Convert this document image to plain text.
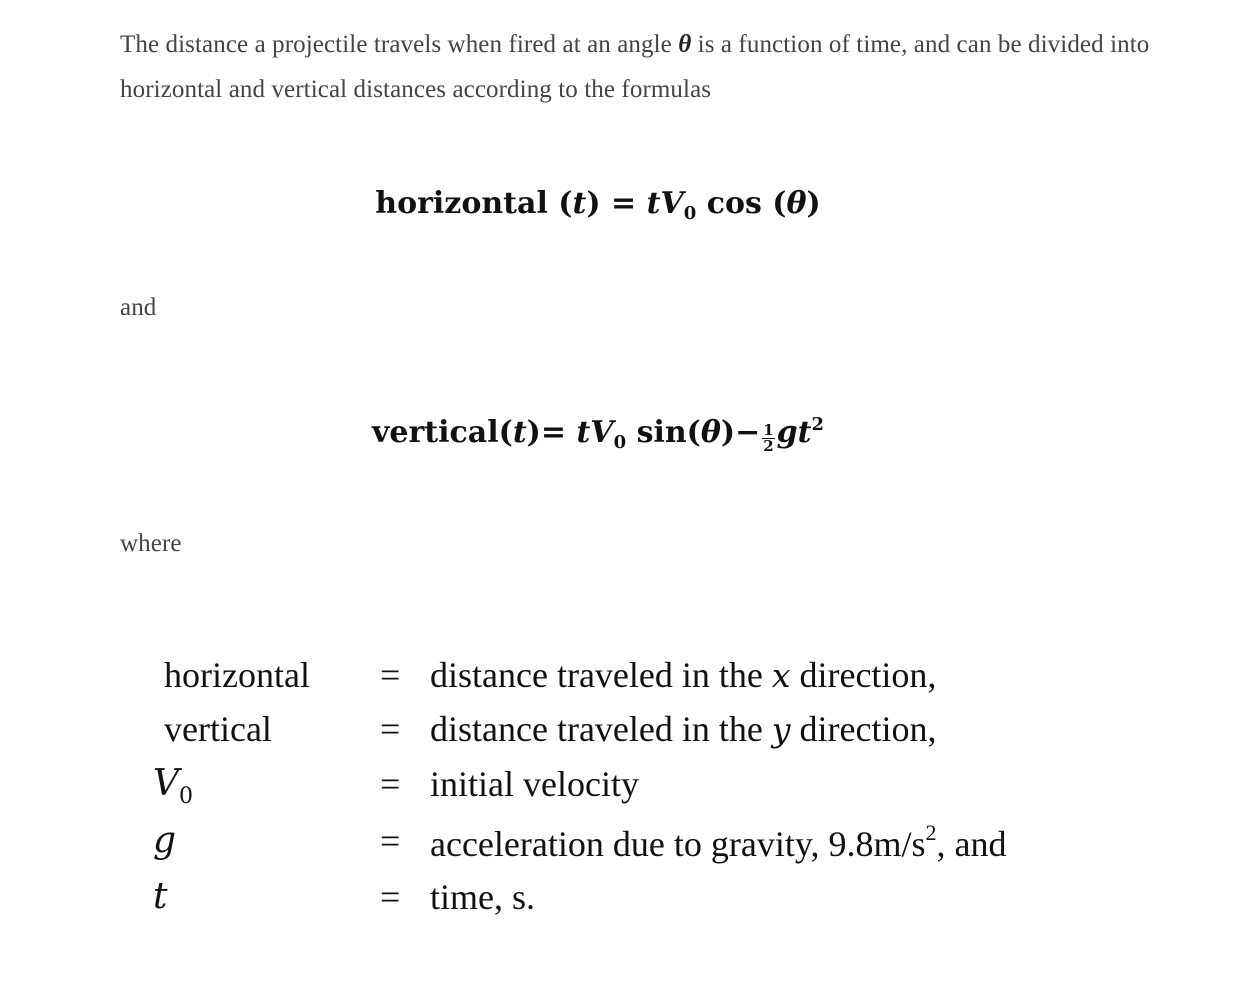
The distance a projectile travels when fired at an angle θ is a function of time, and can be divided into horizontal and vertical distances according to the formulas

horizontal $(t) = tV_0$ cos (θ)

and

vertical(t)= $tV_0$ $\sin(\theta)- \frac{1}{2} gt^2$

where

horizontal = distance traveled in the x direction,
vertical	= distance traveled in the y direction,
$V_0$	= initial velocity
g	= acceleration due to gravity, $9.8m/s^2$, and
t	= time, s.
